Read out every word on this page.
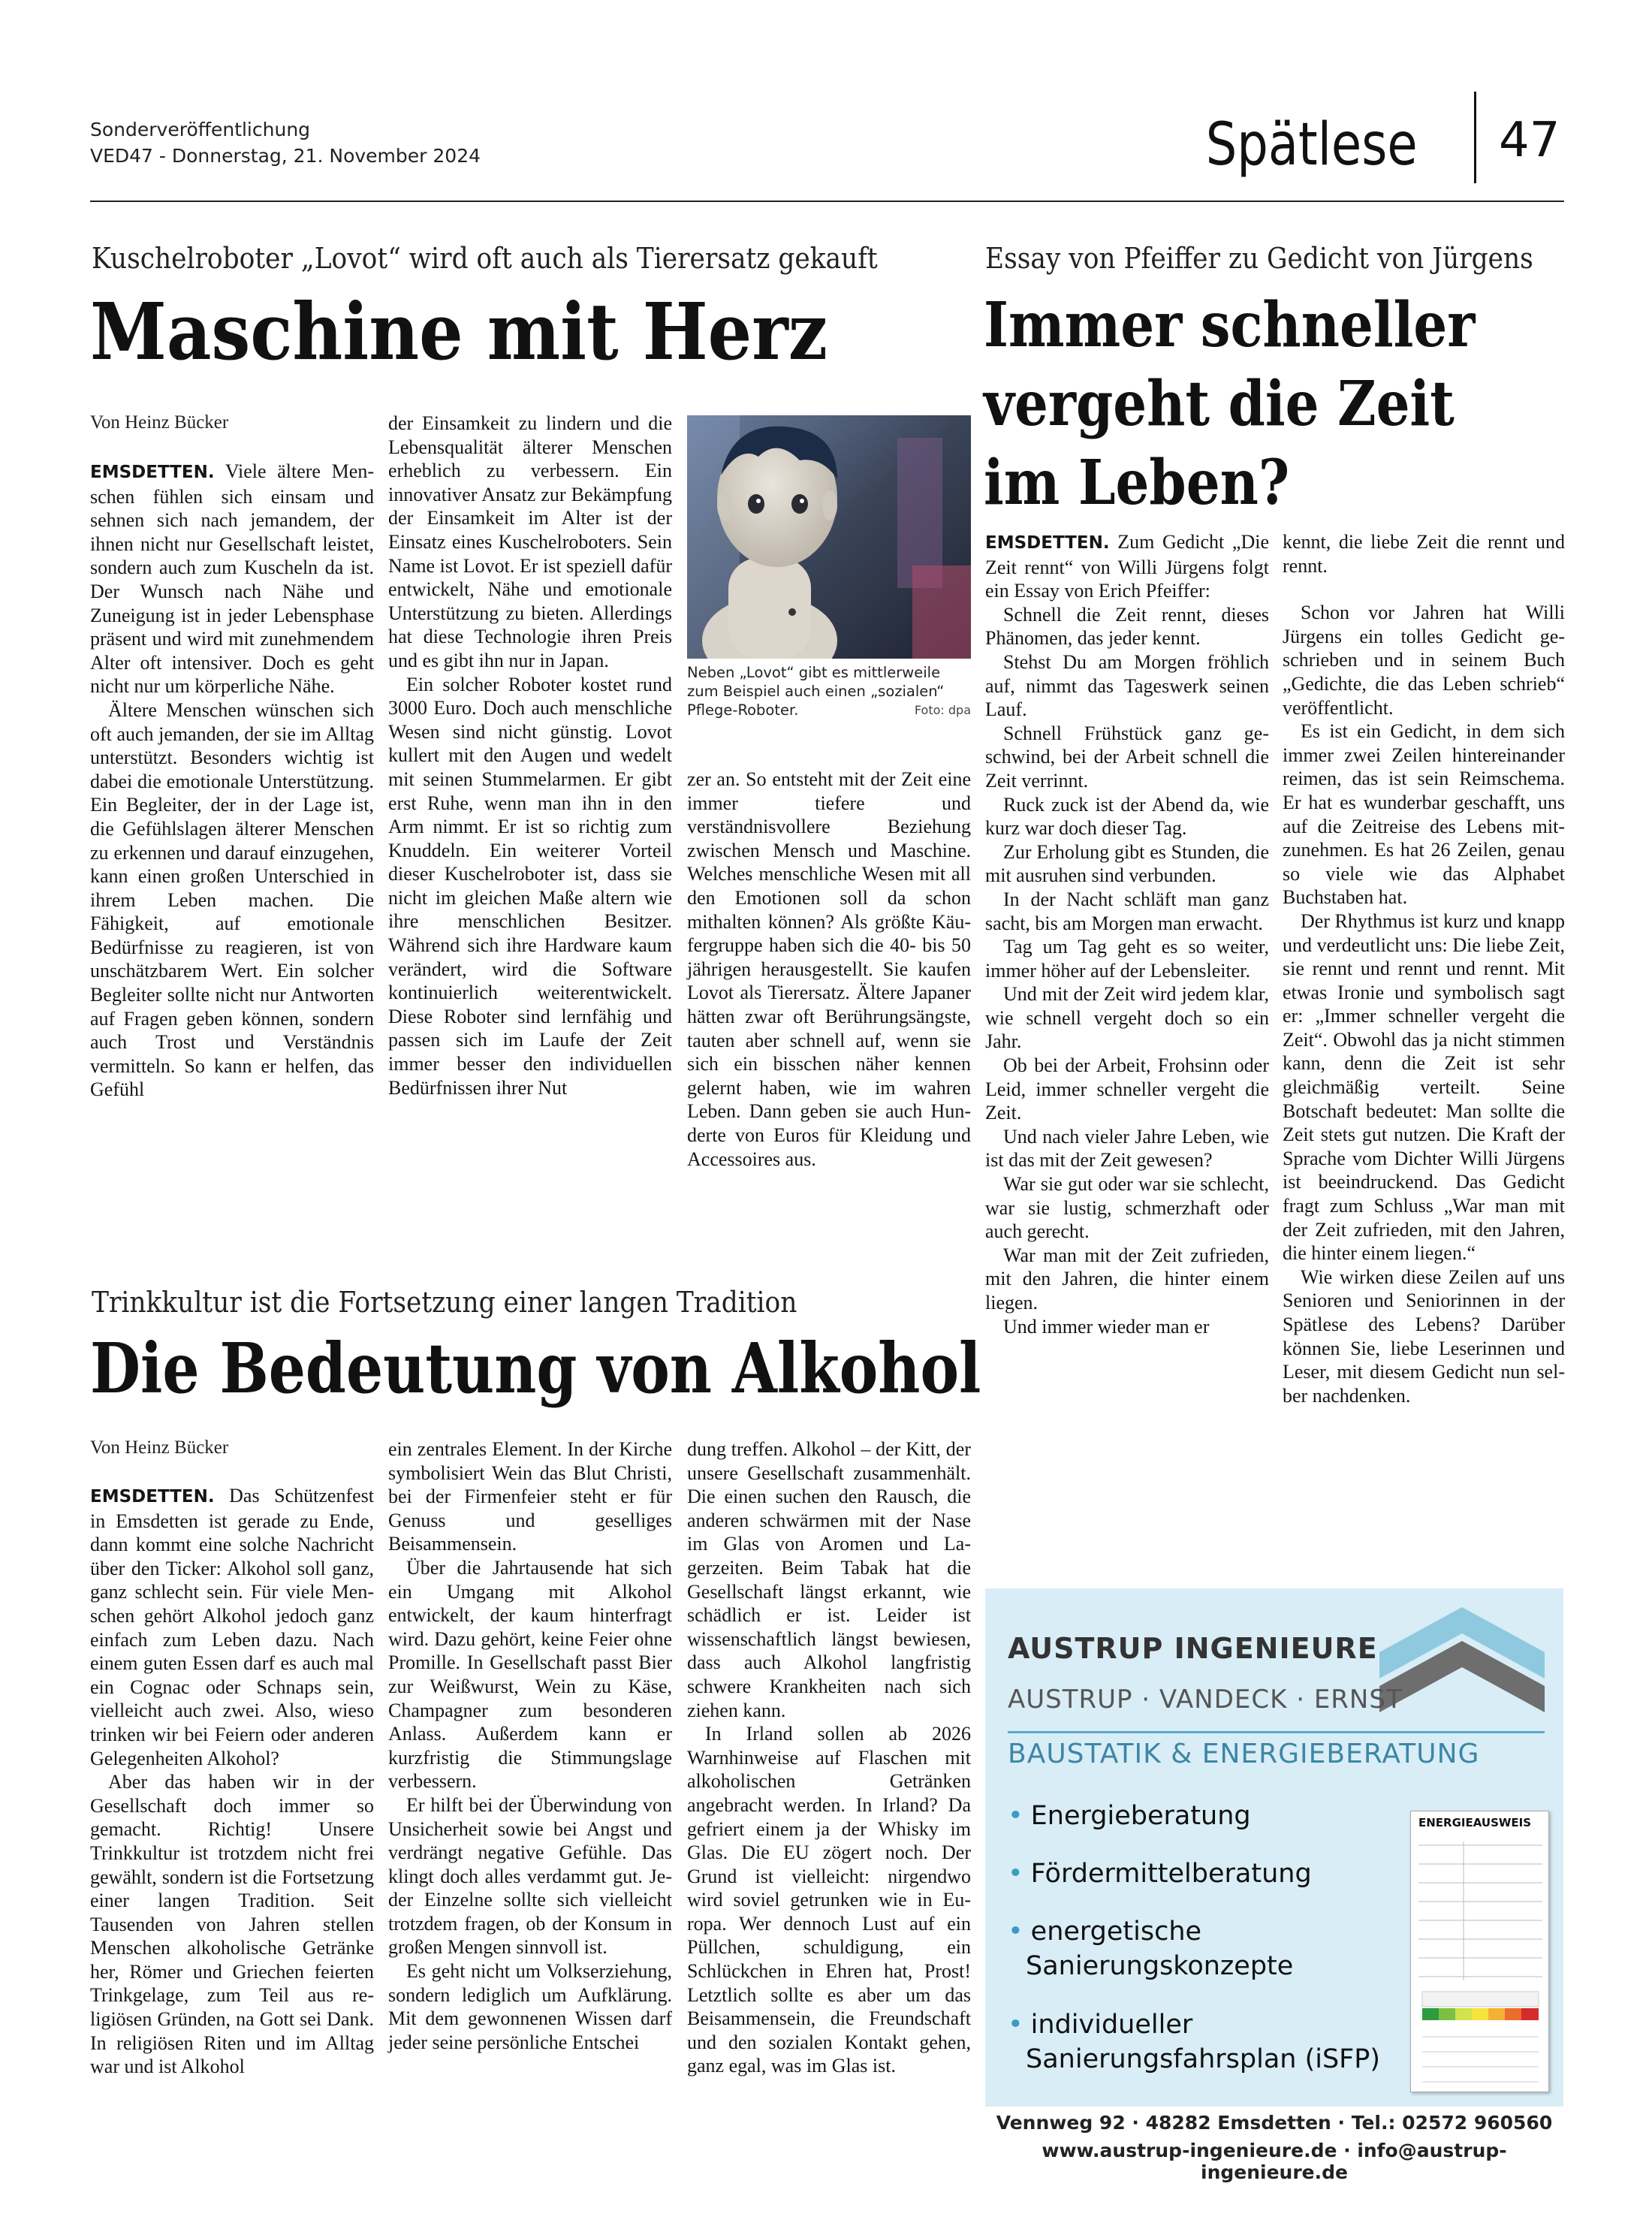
Sonderveröffentlichung
VED47 - Donnerstag, 21. November 2024	Spätlese 47
Kuschelroboter „Lovot“ wird oft auch als Tierersatz gekauft
Maschine mit Herz
Von Heinz Bücker

EMSDETTEN. Viele ältere Menschen fühlen sich einsam und sehnen sich nach jemandem, der ihnen nicht nur Gesellschaft leistet, sondern auch zum Kuscheln da ist. Der Wunsch nach Nähe und Zuneigung ist in jeder Lebensphase präsent und wird mit zunehmendem Alter oft intensiver. Doch es geht nicht nur um körperliche Nähe.

Ältere Menschen wünschen sich oft auch jemanden, der sie im Alltag unterstützt. Besonders wichtig ist dabei die emotionale Unterstützung. Ein Begleiter, der in der Lage ist, die Gefühlslagen älterer Menschen zu erkennen und darauf einzugehen, kann einen großen Unterschied in ihrem Leben machen. Die Fähigkeit, auf emotionale Bedürfnisse zu reagieren, ist von unschätzbarem Wert. Ein solcher Begleiter sollte nicht nur Antworten auf Fragen geben können, sondern auch Trost und Verständnis vermitteln. So kann er helfen, das Gefühl

der Einsamkeit zu lindern und die Lebensqualität älterer Menschen erheblich zu verbessern. Ein innovativer Ansatz zur Bekämpfung der Einsamkeit im Alter ist der Einsatz eines Kuschelroboters. Sein Name ist Lovot. Er ist speziell dafür entwickelt, Nähe und emotionale Unterstützung zu bieten. Allerdings hat diese Technologie ihren Preis und es gibt ihn nur in Japan.

Ein solcher Roboter kostet rund 3000 Euro. Doch auch menschliche Wesen sind nicht günstig. Lovot kullert mit den Augen und wedelt mit seinen Stummelarmen. Er gibt erst Ruhe, wenn man ihn in den Arm nimmt. Er ist so richtig zum Knuddeln. Ein weiterer Vorteil dieser Kuschelroboter ist, dass sie nicht im gleichen Maße altern wie ihre menschlichen Besitzer. Während sich ihre Hardware kaum verändert, wird die Software kontinuierlich weiterentwickelt. Diese Roboter sind lernfähig und passen sich im Laufe der Zeit immer besser den individuellen Bedürfnissen ihrer Nut

Neben „Lovot“ gibt es mittlerweile zum Beispiel auch einen „sozialen“ Pflege-Roboter.	Foto: dpa

zer an. So entsteht mit der Zeit eine immer tiefere und verständnisvollere Beziehung zwischen Mensch und Maschine. Welches menschliche Wesen mit all den Emotionen soll da schon mithalten können? Als größte Käufergruppe haben sich die 40- bis 50 jährigen herausgestellt. Sie kaufen Lovot als Tierersatz. Ältere Japaner hätten zwar oft Berührungsängste, tauten aber schnell auf, wenn sie sich ein bisschen näher kennen gelernt haben, wie im wahren Leben. Dann geben sie auch Hunderte von Euros für Kleidung und Accessoires aus.

Trinkkultur ist die Fortsetzung einer langen Tradition
Die Bedeutung von Alkohol
Von Heinz Bücker

EMSDETTEN. Das Schützenfest in Emsdetten ist gerade zu Ende, dann kommt eine solche Nachricht über den Ticker: Alkohol soll ganz, ganz schlecht sein. Für viele Menschen gehört Alkohol jedoch ganz einfach zum Leben dazu. Nach einem guten Essen darf es auch mal ein Cognac oder Schnaps sein, vielleicht auch zwei. Also, wieso trinken wir bei Feiern oder anderen Gelegenheiten Alkohol?

Aber das haben wir in der Gesellschaft doch immer so gemacht. Richtig! Unsere Trinkkultur ist trotzdem nicht frei gewählt, sondern ist die Fortsetzung einer langen Tradition. Seit Tausenden von Jahren stellen Menschen alkoholische Getränke her, Römer und Griechen feierten Trinkgelage, zum Teil aus religiösen Gründen, na Gott sei Dank. In religiösen Riten und im Alltag war und ist Alkohol

ein zentrales Element. In der Kirche symbolisiert Wein das Blut Christi, bei der Firmenfeier steht er für Genuss und geselliges Beisammensein.

Über die Jahrtausende hat sich ein Umgang mit Alkohol entwickelt, der kaum hinterfragt wird. Dazu gehört, keine Feier ohne Promille. In Gesellschaft passt Bier zur Weißwurst, Wein zu Käse, Champagner zum besonderen Anlass. Außerdem kann er kurzfristig die Stimmungslage verbessern.

Er hilft bei der Überwindung von Unsicherheit sowie bei Angst und verdrängt negative Gefühle. Das klingt doch alles verdammt gut. Jeder Einzelne sollte sich vielleicht trotzdem fragen, ob der Konsum in großen Mengen sinnvoll ist.

Es geht nicht um Volkserziehung, sondern lediglich um Aufklärung. Mit dem gewonnenen Wissen darf jeder seine persönliche Entschei

dung treffen. Alkohol – der Kitt, der unsere Gesellschaft zusammenhält. Die einen suchen den Rausch, die anderen schwärmen mit der Nase im Glas von Aromen und Lagerzeiten. Beim Tabak hat die Gesellschaft längst erkannt, wie schädlich er ist. Leider ist wissenschaftlich längst bewiesen, dass auch Alkohol langfristig schwere Krankheiten nach sich ziehen kann.

In Irland sollen ab 2026 Warnhinweise auf Flaschen mit alkoholischen Getränken angebracht werden. In Irland? Da gefriert einem ja der Whisky im Glas. Die EU zögert noch. Der Grund ist vielleicht: nirgendwo wird soviel getrunken wie in Europa. Wer dennoch Lust auf ein Püllchen, schuldigung, ein Schlückchen in Ehren hat, Prost! Letztlich sollte es aber um das Beisammensein, die Freundschaft und den sozialen Kontakt gehen, ganz egal, was im Glas ist.

Essay von Pfeiffer zu Gedicht von Jürgens
Immer schneller
vergeht die Zeit
im Leben?

EMSDETTEN. Zum Gedicht „Die Zeit rennt“ von Willi Jürgens folgt ein Essay von Erich Pfeiffer:

Schnell die Zeit rennt, dieses Phänomen, das jeder kennt.

Stehst Du am Morgen fröhlich auf, nimmt das Tageswerk seinen Lauf.

Schnell Frühstück ganz geschwind, bei der Arbeit schnell die Zeit verrinnt.

Ruck zuck ist der Abend da, wie kurz war doch dieser Tag.

Zur Erholung gibt es Stunden, die mit ausruhen sind verbunden.

In der Nacht schläft man ganz sacht, bis am Morgen man erwacht.

Tag um Tag geht es so weiter, immer höher auf der Lebensleiter.

Und mit der Zeit wird jedem klar, wie schnell vergeht doch so ein Jahr.

Ob bei der Arbeit, Frohsinn oder Leid, immer schneller vergeht die Zeit.

Und nach vieler Jahre Leben, wie ist das mit der Zeit gewesen?

War sie gut oder war sie schlecht, war sie lustig, schmerzhaft oder auch gerecht.

War man mit der Zeit zufrieden, mit den Jahren, die hinter einem liegen.

Und immer wieder man er

kennt, die liebe Zeit die rennt und rennt.

Schon vor Jahren hat Willi Jürgens ein tolles Gedicht geschrieben und in seinem Buch „Gedichte, die das Leben schrieb“ veröffentlicht.

Es ist ein Gedicht, in dem sich immer zwei Zeilen hintereinander reimen, das ist sein Reimschema. Er hat es wunderbar geschafft, uns auf die Zeitreise des Lebens mitzunehmen. Es hat 26 Zeilen, genau so viele wie das Alphabet Buchstaben hat.

Der Rhythmus ist kurz und knapp und verdeutlicht uns: Die liebe Zeit, sie rennt und rennt und rennt. Mit etwas Ironie und symbolisch sagt er: „Immer schneller vergeht die Zeit“. Obwohl das ja nicht stimmen kann, denn die Zeit ist sehr gleichmäßig verteilt. Seine Botschaft bedeutet: Man sollte die Zeit stets gut nutzen. Die Kraft der Sprache vom Dichter Willi Jürgens ist beeindruckend. Das Gedicht fragt zum Schluss „War man mit der Zeit zufrieden, mit den Jahren, die hinter einem liegen.“

Wie wirken diese Zeilen auf uns Senioren und Seniorinnen in der Spätlese des Lebens? Darüber können Sie, liebe Leserinnen und Leser, mit diesem Gedicht nun selber nachdenken.

AUSTRUP INGENIEURE
AUSTRUP · VANDECK · ERNST
BAUSTATIK & ENERGIEBERATUNG
• Energieberatung
• Fördermittelberatung
• energetische
Sanierungskonzepte
• individueller
Sanierungsfahrsplan (iSFP)
ENERGIEAUSWEIS
Vennweg 92 · 48282 Emsdetten · Tel.: 02572 960560
www.austrup-ingenieure.de · info@austrup-ingenieure.de
